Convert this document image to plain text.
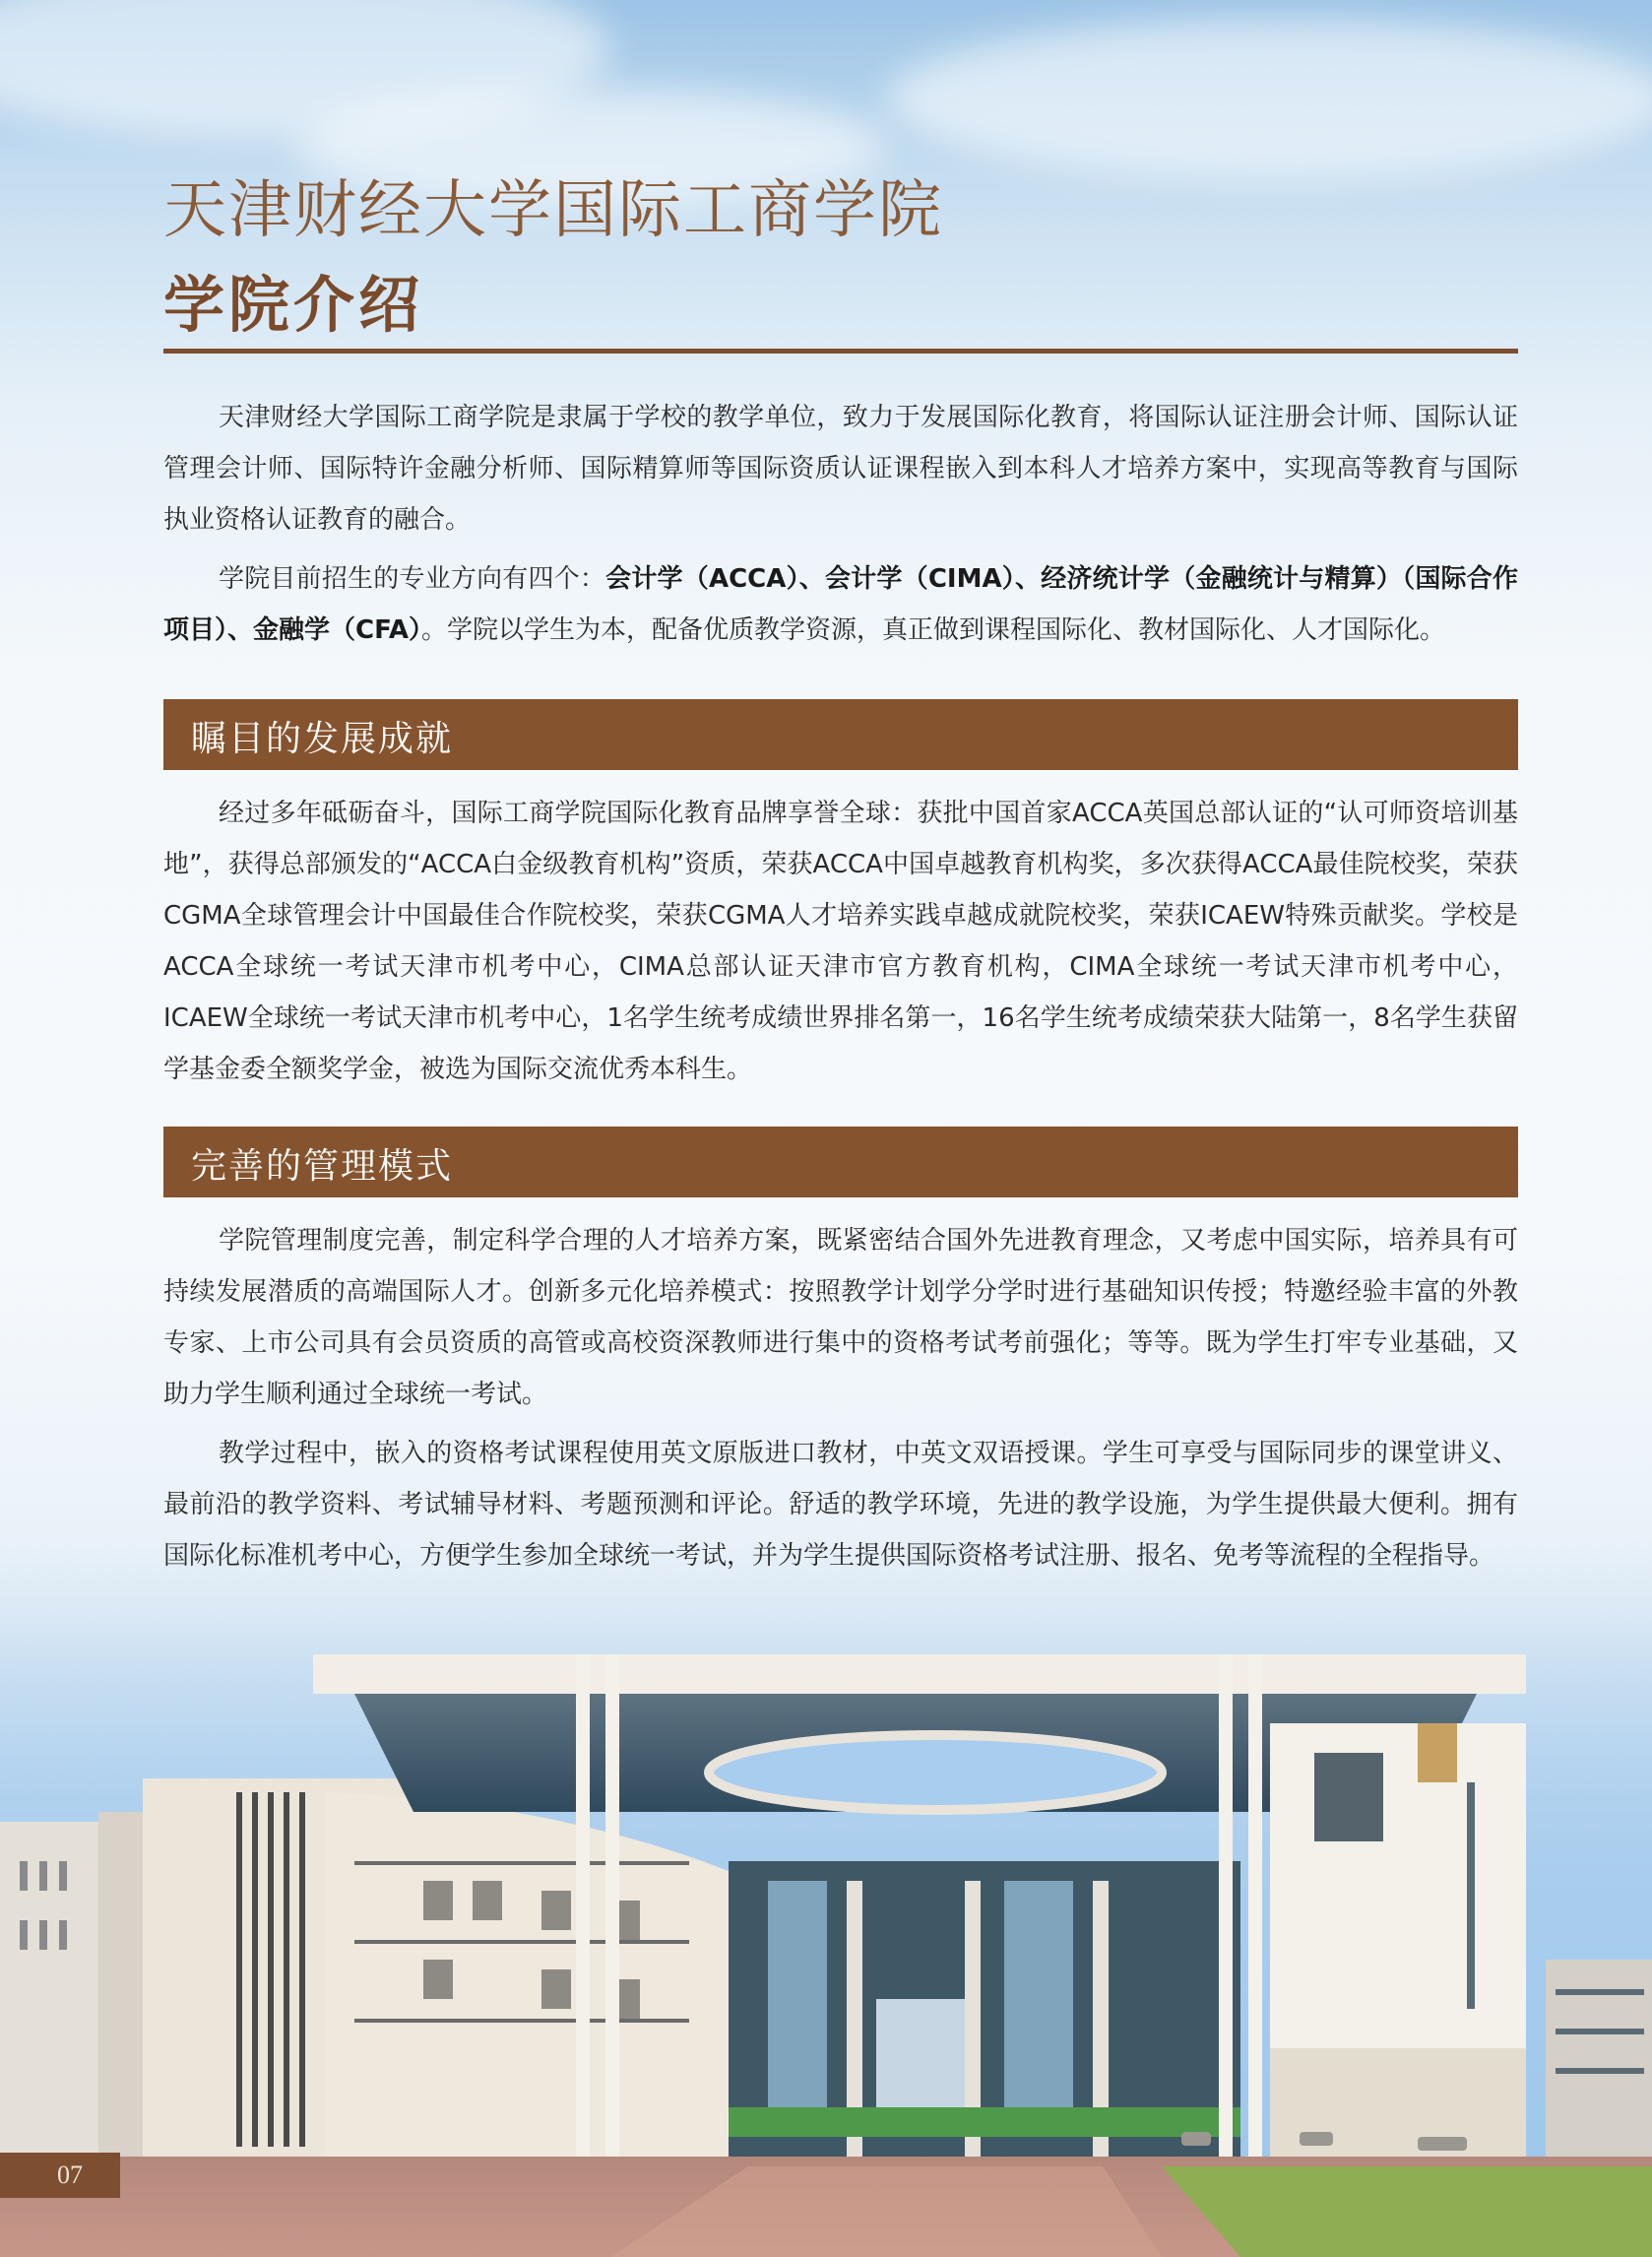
天津财经大学国际工商学院
学院介绍

天津财经大学国际工商学院是隶属于学校的教学单位，致力于发展国际化教育，将国际认证注册会计师、国际认证管理会计师、国际特许金融分析师、国际精算师等国际资质认证课程嵌入到本科人才培养方案中，实现高等教育与国际执业资格认证教育的融合。

学院目前招生的专业方向有四个：会计学（ACCA）、会计学（CIMA）、经济统计学（金融统计与精算）（国际合作项目）、金融学（CFA）。学院以学生为本，配备优质教学资源，真正做到课程国际化、教材国际化、人才国际化。

瞩目的发展成就

经过多年砥砺奋斗，国际工商学院国际化教育品牌享誉全球：获批中国首家ACCA英国总部认证的“认可师资培训基地”，获得总部颁发的“ACCA白金级教育机构”资质，荣获ACCA中国卓越教育机构奖，多次获得ACCA最佳院校奖，荣获CGMA全球管理会计中国最佳合作院校奖，荣获CGMA人才培养实践卓越成就院校奖，荣获ICAEW特殊贡献奖。学校是ACCA全球统一考试天津市机考中心，CIMA总部认证天津市官方教育机构，CIMA全球统一考试天津市机考中心，ICAEW全球统一考试天津市机考中心，1名学生统考成绩世界排名第一，16名学生统考成绩荣获大陆第一，8名学生获留学基金委全额奖学金，被选为国际交流优秀本科生。

完善的管理模式

学院管理制度完善，制定科学合理的人才培养方案，既紧密结合国外先进教育理念，又考虑中国实际，培养具有可持续发展潜质的高端国际人才。创新多元化培养模式：按照教学计划学分学时进行基础知识传授；特邀经验丰富的外教专家、上市公司具有会员资质的高管或高校资深教师进行集中的资格考试考前强化；等等。既为学生打牢专业基础，又助力学生顺利通过全球统一考试。

教学过程中，嵌入的资格考试课程使用英文原版进口教材，中英文双语授课。学生可享受与国际同步的课堂讲义、最前沿的教学资料、考试辅导材料、考题预测和评论。舒适的教学环境，先进的教学设施，为学生提供最大便利。拥有国际化标准机考中心，方便学生参加全球统一考试，并为学生提供国际资格考试注册、报名、免考等流程的全程指导。

07
